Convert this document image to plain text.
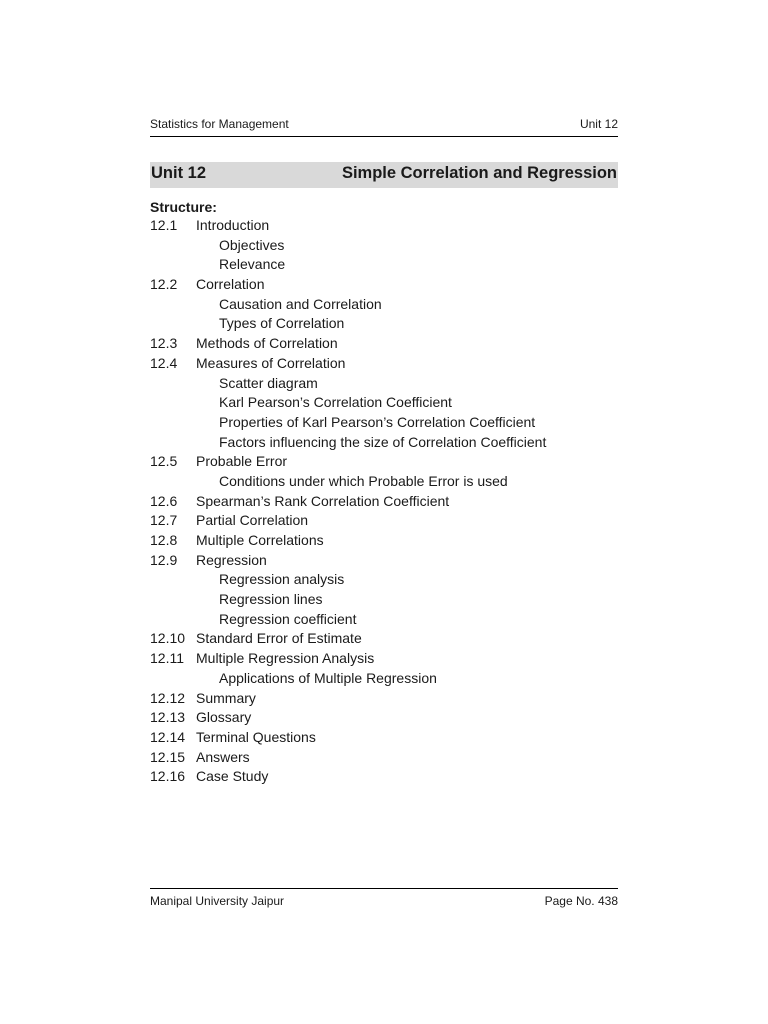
Statistics for Management	Unit 12
Unit 12	Simple Correlation and Regression
Structure:
12.1 Introduction
Objectives
Relevance
12.2 Correlation
Causation and Correlation
Types of Correlation
12.3 Methods of Correlation
12.4 Measures of Correlation
Scatter diagram
Karl Pearson’s Correlation Coefficient
Properties of Karl Pearson’s Correlation Coefficient
Factors influencing the size of Correlation Coefficient
12.5 Probable Error
Conditions under which Probable Error is used
12.6 Spearman’s Rank Correlation Coefficient
12.7 Partial Correlation
12.8 Multiple Correlations
12.9 Regression
Regression analysis
Regression lines
Regression coefficient
12.10 Standard Error of Estimate
12.11 Multiple Regression Analysis
Applications of Multiple Regression
12.12 Summary
12.13 Glossary
12.14 Terminal Questions
12.15 Answers
12.16 Case Study
Manipal University Jaipur	Page No. 438
